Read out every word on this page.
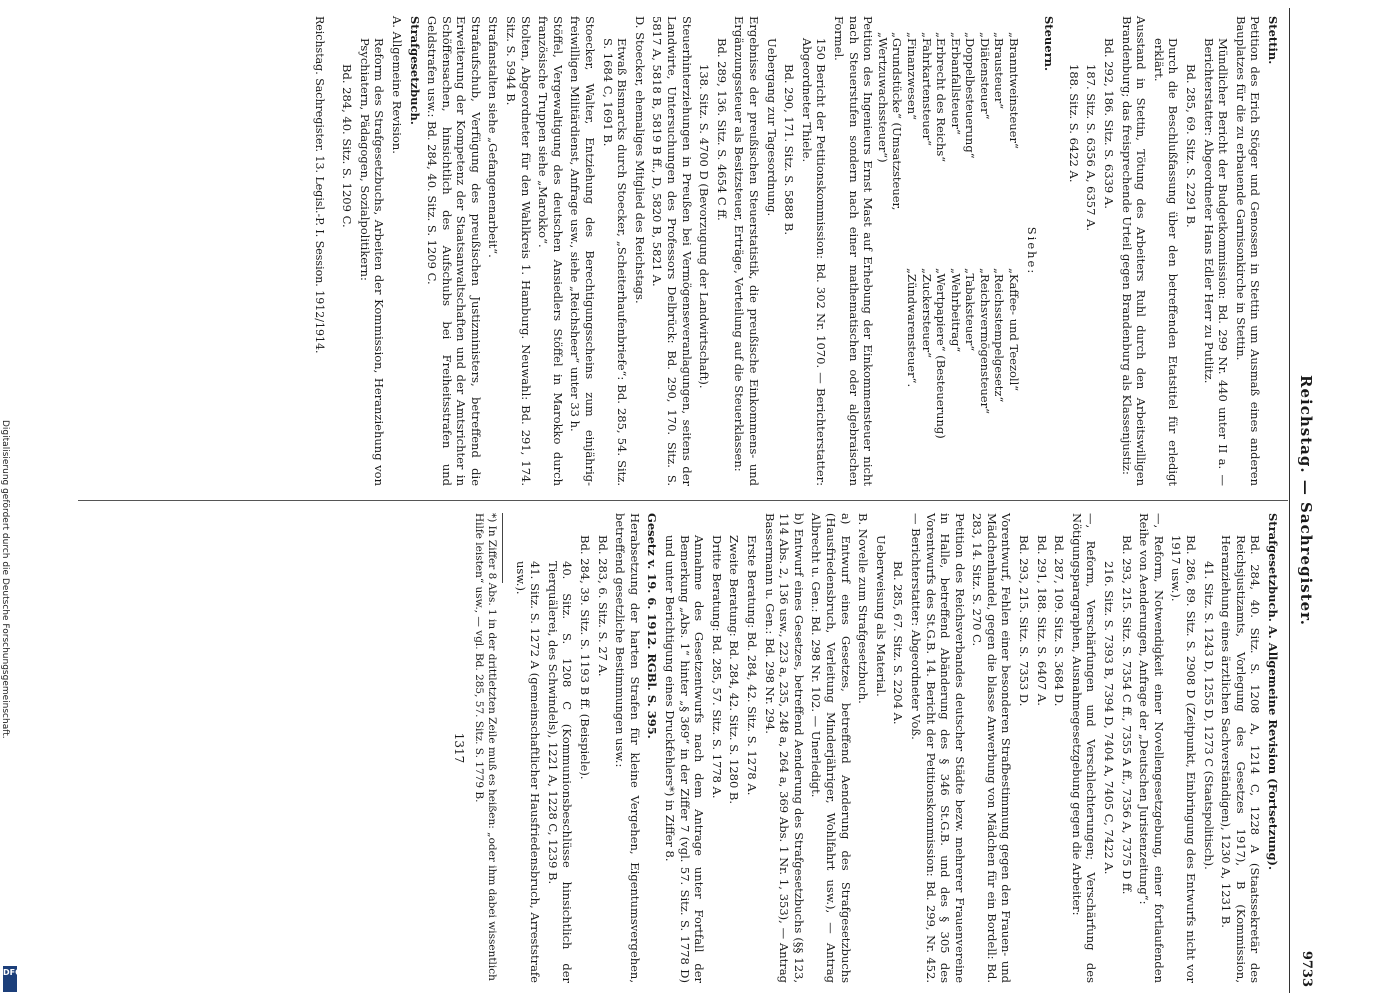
Reichstag. — Sachregister.
9733
Stettin.
Petition des Erich Stöger und Genossen in Stettin um Ausmaß eines anderen Bauplatzes für die zu erbauende Garnisonkirche in Stettin.
Mündlicher Bericht der Budgetkommission: Bd. 299 Nr. 440 unter II a. — Berichterstatter: Abgeordneter Hans Edler Herr zu Putlitz.
Bd. 285, 69. Sitz. S. 2291 B.
Durch die Beschlußfassung über den betreffenden Etatstitel für erledigt erklärt.
Ausstand in Stettin, Tötung des Arbeiters Ruhl durch den Arbeitswilligen Brandenburg; das freisprechende Urteil gegen Brandenburg als Klassenjustiz:
Bd. 292, 186. Sitz. S. 6339 A.
187. Sitz. S. 6356 A, 6357 A.
188. Sitz. S. 6422 A.
Steuern.
Siehe:
„Branntweinsteuer“
„Brausteuer“
„Diätensteuer“
„Doppelbesteuerung“
„Erbanfallsteuer“
„Erbrecht des Reichs“
„Fahrkartensteuer“
„Finanzwesen“
„Grundstücke“ (Umsatzsteuer,
„Wertzuwachssteuer“)
„Kaffee- und Teezoll“
„Reichsstempelgesetz“
„Reichsvermögensteuer“
„Tabaksteuer“
„Wehrbeitrag“
„Wertpapiere“ (Besteuerung)
„Zuckersteuer“
„Zündwarensteuer“.
Petition des Ingenieurs Ernst Mast auf Erhebung der Einkommensteuer nicht nach Steuerstufen sondern nach einer mathematischen oder algebraischen Formel.
150 Bericht der Petitionskommission: Bd. 302 Nr. 1070. — Berichterstatter: Abgeordneter Thiele.
Bd. 290, 171. Sitz. S. 5888 B.
Uebergang zur Tagesordnung.
Ergebnisse der preußischen Steuerstatistik, die preußische Einkommens- und Ergänzungssteuer als Besitzsteuer, Erträge, Verteilung auf die Steuerklassen:
Bd. 289, 136. Sitz. S. 4654 C ff.
138. Sitz. S. 4700 D (Bevorzugung der Landwirtschaft).
Steuerhinterziehungen in Preußen bei Vermögenseveranlagungen, seitens der Landwirte, Untersuchungen des Professors Delbrück: Bd. 290, 170. Sitz. S. 5817 A, 5818 B, 5819 B ff., D, 5820 B, 5821 A.
D. Stoecker, ehemaliges Mitglied des Reichstags.
Etwaß Bismarcks durch Stoecker, „Scheiterhaufenbriefe“: Bd. 285, 54. Sitz. S. 1684 C, 1691 B.
Stoecker, Walter, Entziehung des Berechtigungsscheins zum einjährig-freiwilligen Militärdienst, Anfrage usw., siehe „Reichsheer“ unter 33 h.
Stöffel, Vergewaltigung des deutschen Ansiedlers Stöffel in Marokko durch französische Truppen siehe „Marokko“.
Stolten, Abgeordneter für den Wahlkreis 1. Hamburg. Neuwahl: Bd. 291, 174. Sitz. S. 5944 B.
Strafanstalten siehe „Gefangenenarbeit“.
Strafaufschub, Verfügung des preußischen Justizministers, betreffend die Erweiterung der Kompetenz der Staatsanwaltschaften und der Amtsrichter in Schöffensachen, hinsichtlich des Aufschubs bei Freiheitsstrafen und Geldstrafen usw.: Bd. 284, 40. Sitz. S. 1209 C.
Strafgesetzbuch.
A. Allgemeine Revision.
Reform des Strafgesetzbuchs, Arbeiten der Kommission, Heranziehung von Psychiatern, Pädagogen, Sozialpolitikern:
Bd. 284, 40. Sitz. S. 1209 C.
Reichstag. Sachregister. 13. Legisl.-P. I. Session. 1912/1914.
Strafgesetzbuch. A. Allgemeine Revision (Fortsetzung).
Bd. 284, 40. Sitz. S. 1208 A, 1214 C, 1228 A (Staatssekretär des Reichsjustizamts, Vorlegung des Gesetzes 1917), B (Kommission, Heranziehung eines ärztlichen Sachverständigen), 1230 A, 1231 B.
41. Sitz. S. 1243 D, 1255 D, 1273 C (Staatspolitisch).
Bd. 286, 89. Sitz. S. 2908 D (Zeitpunkt, Einbringung des Entwurfs nicht vor 1917 usw.).
—, Reform, Notwendigkeit einer Novellengesetzgebung, einer fortlaufenden Reihe von Aenderungen, Anfrage der „Deutschen Juristenzeitung“:
Bd. 293, 215. Sitz. S. 7354 C ff., 7355 A ff., 7356 A, 7375 D ff.
216. Sitz. S. 7393 B, 7394 D, 7404 A, 7405 C, 7422 A.
—, Reform, Verschärfungen und Verschlechterungen; Verschärfung des Nötigungsparagraphen, Ausnahmegesetzgebung gegen die Arbeiter:
Bd. 287, 109. Sitz. S. 3684 D.
Bd. 291, 188. Sitz. S. 6407 A.
Bd. 293, 215. Sitz. S. 7353 D.
Vorentwurf, Fehlen einer besonderen Strafbestimmung gegen den Frauen- und Mädchenhandel, gegen die blasse Anwerbung von Mädchen für ein Bordell: Bd. 283, 14. Sitz. S. 270 C.
Petition des Reichsverbandes deutscher Städte bezw. mehrerer Frauenvereine in Halle, betreffend Abänderung des § 346 St.G.B. und des § 305 des Vorentwurfs des St.G.B. 14. Bericht der Petitionskommission: Bd. 299, Nr. 452. — Berichterstatter: Abgeordneter Voß.
Bd. 285, 67. Sitz. S. 2204 A.
Ueberweisung als Material.
B. Novelle zum Strafgesetzbuch.
a) Entwurf eines Gesetzes, betreffend Aenderung des Strafgesetzbuchs (Hausfriedensbruch, Verleitung Minderjähriger, Wohlfahrt usw.), — Antrag Albrecht u. Gen.: Bd. 298 Nr. 102. — Unerledigt.
b) Entwurf eines Gesetzes, betreffend Aenderung des Strafgesetzbuchs (§§ 123, 114 Abs. 2, 136 usw., 223 a, 235, 248 a, 264 a, 369 Abs. 1 Nr. 1, 353), — Antrag Bassermann u. Gen.: Bd. 298 Nr. 294.
Erste Beratung: Bd. 284, 42. Sitz. S. 1278 A.
Zweite Beratung: Bd. 284, 42. Sitz. S. 1280 B.
Dritte Beratung: Bd. 285, 57. Sitz. S. 1778 A.
Annahme des Gesetzentwurfs nach dem Antrage unter Fortfall der Bemerkung „Abs. 1“ hinter „§ 369“ in der Ziffer 7 (vgl. 57. Sitz. S. 1778 D) und unter Berichtigung eines Druckfehlers*) in Ziffer 8.
Gesetz v. 19. 6. 1912. RGBl. S. 395.
Herabsetzung der harten Strafen für kleine Vergehen, Eigentumsvergehen, betreffend gesetzliche Bestimmungen usw.:
Bd. 283, 6. Sitz. S. 27 A.
Bd. 284, 39. Sitz. S. 1193 B ff. (Beispiele).
40. Sitz. S. 1208 C (Kommunionsbeschlüsse hinsichtlich der Tierquälerei, des Schwindels), 1221 A, 1228 C, 1239 B.
41. Sitz. S. 1272 A (gemeinschaftlicher Hausfriedensbruch, Arreststrafe usw.).
*) In Ziffer 8 Abs. 1 in der drittletzten Zeile muß es heißen: „oder ihm dabei wissentlich Hilfe leisten“ usw., — vgl. Bd. 285, 57. Sitz. S. 1779 B.
1317
DFG
Digitalisierung gefördert durch die Deutsche Forschungsgemeinschaft.
